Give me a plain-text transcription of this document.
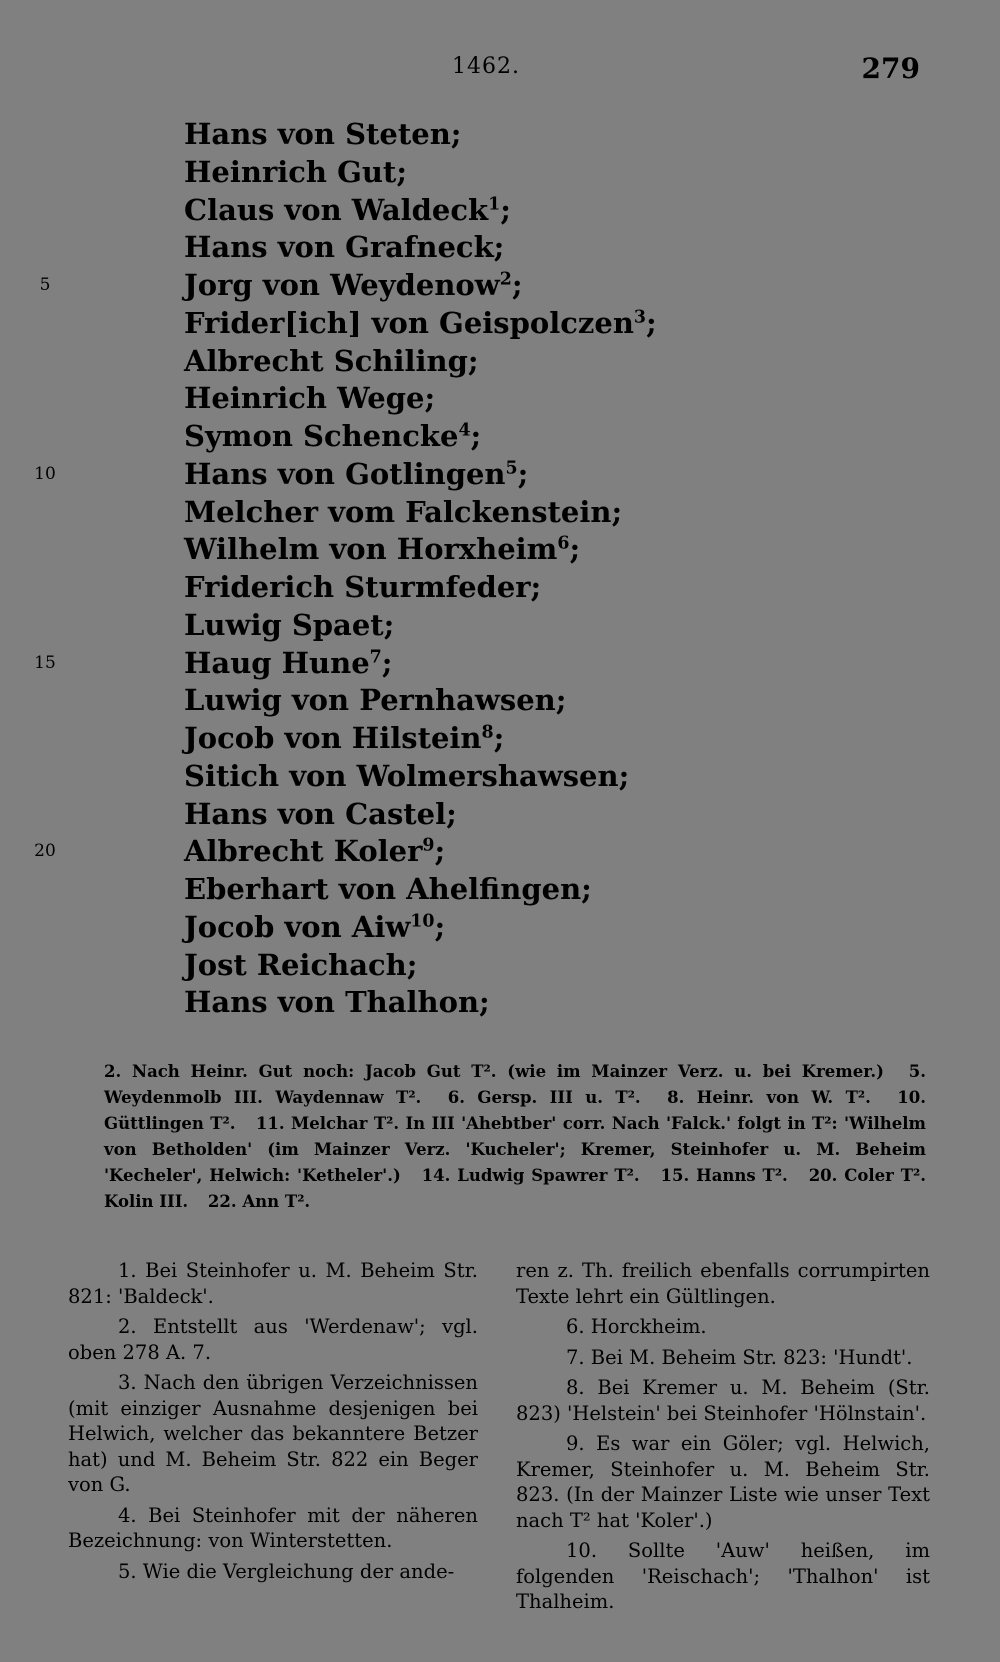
1462.	279
Hans von Steten;
Heinrich Gut;
Claus von Waldeck$^1$;
Hans von Grafneck;
5	Jorg von Weydenow$^2$;
Frider[ich] von Geispolczen$^3$;
Albrecht Schiling;
Heinrich Wege;
Symon Schencke$^4$;
10	Hans von Gotlingen$^5$;
Melcher vom Falckenstein;
Wilhelm von Horxheim$^6$;
Friderich Sturmfeder;
Luwig Spaet;
15	Haug Hune$^7$;
Luwig von Pernhawsen;
Jocob von Hilstein$^8$;
Sitich von Wolmershawsen;
Hans von Castel;
20	Albrecht Koler$^9$;
Eberhart von Ahelfingen;
Jocob von Aiw$^{10}$;
Jost Reichach;
Hans von Thalhon;
2. Nach Heinr. Gut noch: Jacob Gut T². (wie im Mainzer Verz. u. bei Kremer.) 5. Weydenmolb III. Waydennaw T². 6. Gersp. III u. T². 8. Heinr. von W. T². 10. Güttlingen T². 11. Melchar T². In III 'Ahebtber' corr. Nach 'Falck.' folgt in T²: 'Wilhelm von Betholden' (im Mainzer Verz. 'Kucheler'; Kremer, Steinhofer u. M. Beheim 'Kecheler', Helwich: 'Ketheler'.) 14. Ludwig Spawrer T². 15. Hanns T². 20. Coler T². Kolin III. 22. Ann T².

1. Bei Steinhofer u. M. Beheim Str. 821: 'Baldeck'.

2. Entstellt aus 'Werdenaw'; vgl. oben 278 A. 7.

3. Nach den übrigen Verzeichnissen (mit einziger Ausnahme desjenigen bei Helwich, welcher das bekanntere Betzer hat) und M. Beheim Str. 822 ein Beger von G.

4. Bei Steinhofer mit der näheren Bezeichnung: von Winterstetten.

5. Wie die Vergleichung der ande-

ren z. Th. freilich ebenfalls corrumpirten Texte lehrt ein Gültlingen.

6. Horckheim.

7. Bei M. Beheim Str. 823: 'Hundt'.

8. Bei Kremer u. M. Beheim (Str. 823) 'Helstein' bei Steinhofer 'Hölnstain'.

9. Es war ein Göler; vgl. Helwich, Kremer, Steinhofer u. M. Beheim Str. 823. (In der Mainzer Liste wie unser Text nach T² hat 'Koler'.)

10. Sollte 'Auw' heißen, im folgenden 'Reischach'; 'Thalhon' ist Thalheim.
